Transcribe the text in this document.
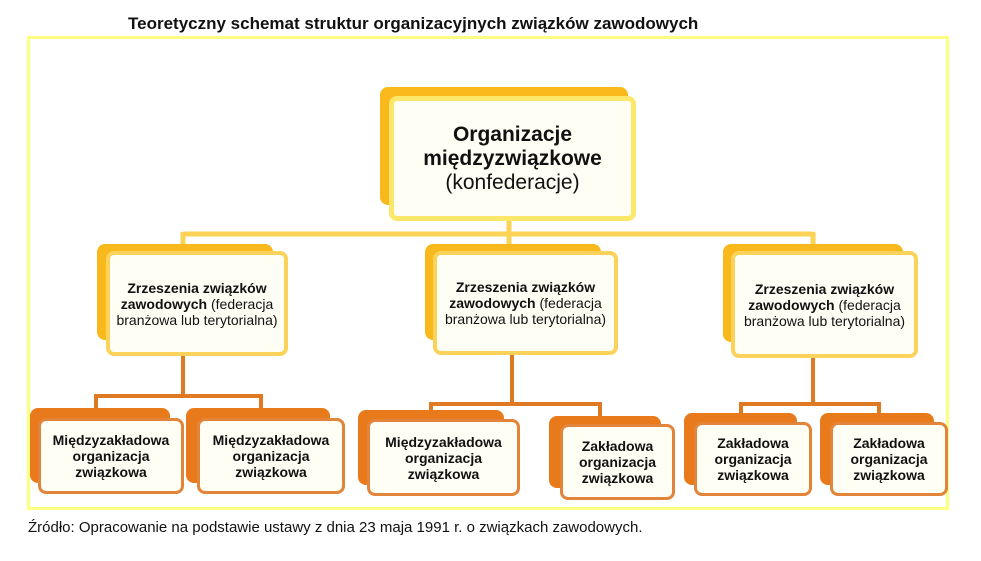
Teoretyczny schemat struktur organizacyjnych związków zawodowych
Organizacje
międzyzwiązkowe
(konfederacje)
Zrzeszenia związków zawodowych (federacja branżowa lub terytorialna)
Zrzeszenia związków zawodowych (federacja branżowa lub terytorialna)
Zrzeszenia związków zawodowych (federacja branżowa lub terytorialna)
Międzyzakładowa organizacja związkowa
Międzyzakładowa organizacja związkowa
Międzyzakładowa organizacja związkowa
Zakładowa organizacja związkowa
Zakładowa organizacja związkowa
Zakładowa organizacja związkowa
Źródło: Opracowanie na podstawie ustawy z dnia 23 maja 1991 r. o związkach zawodowych.
